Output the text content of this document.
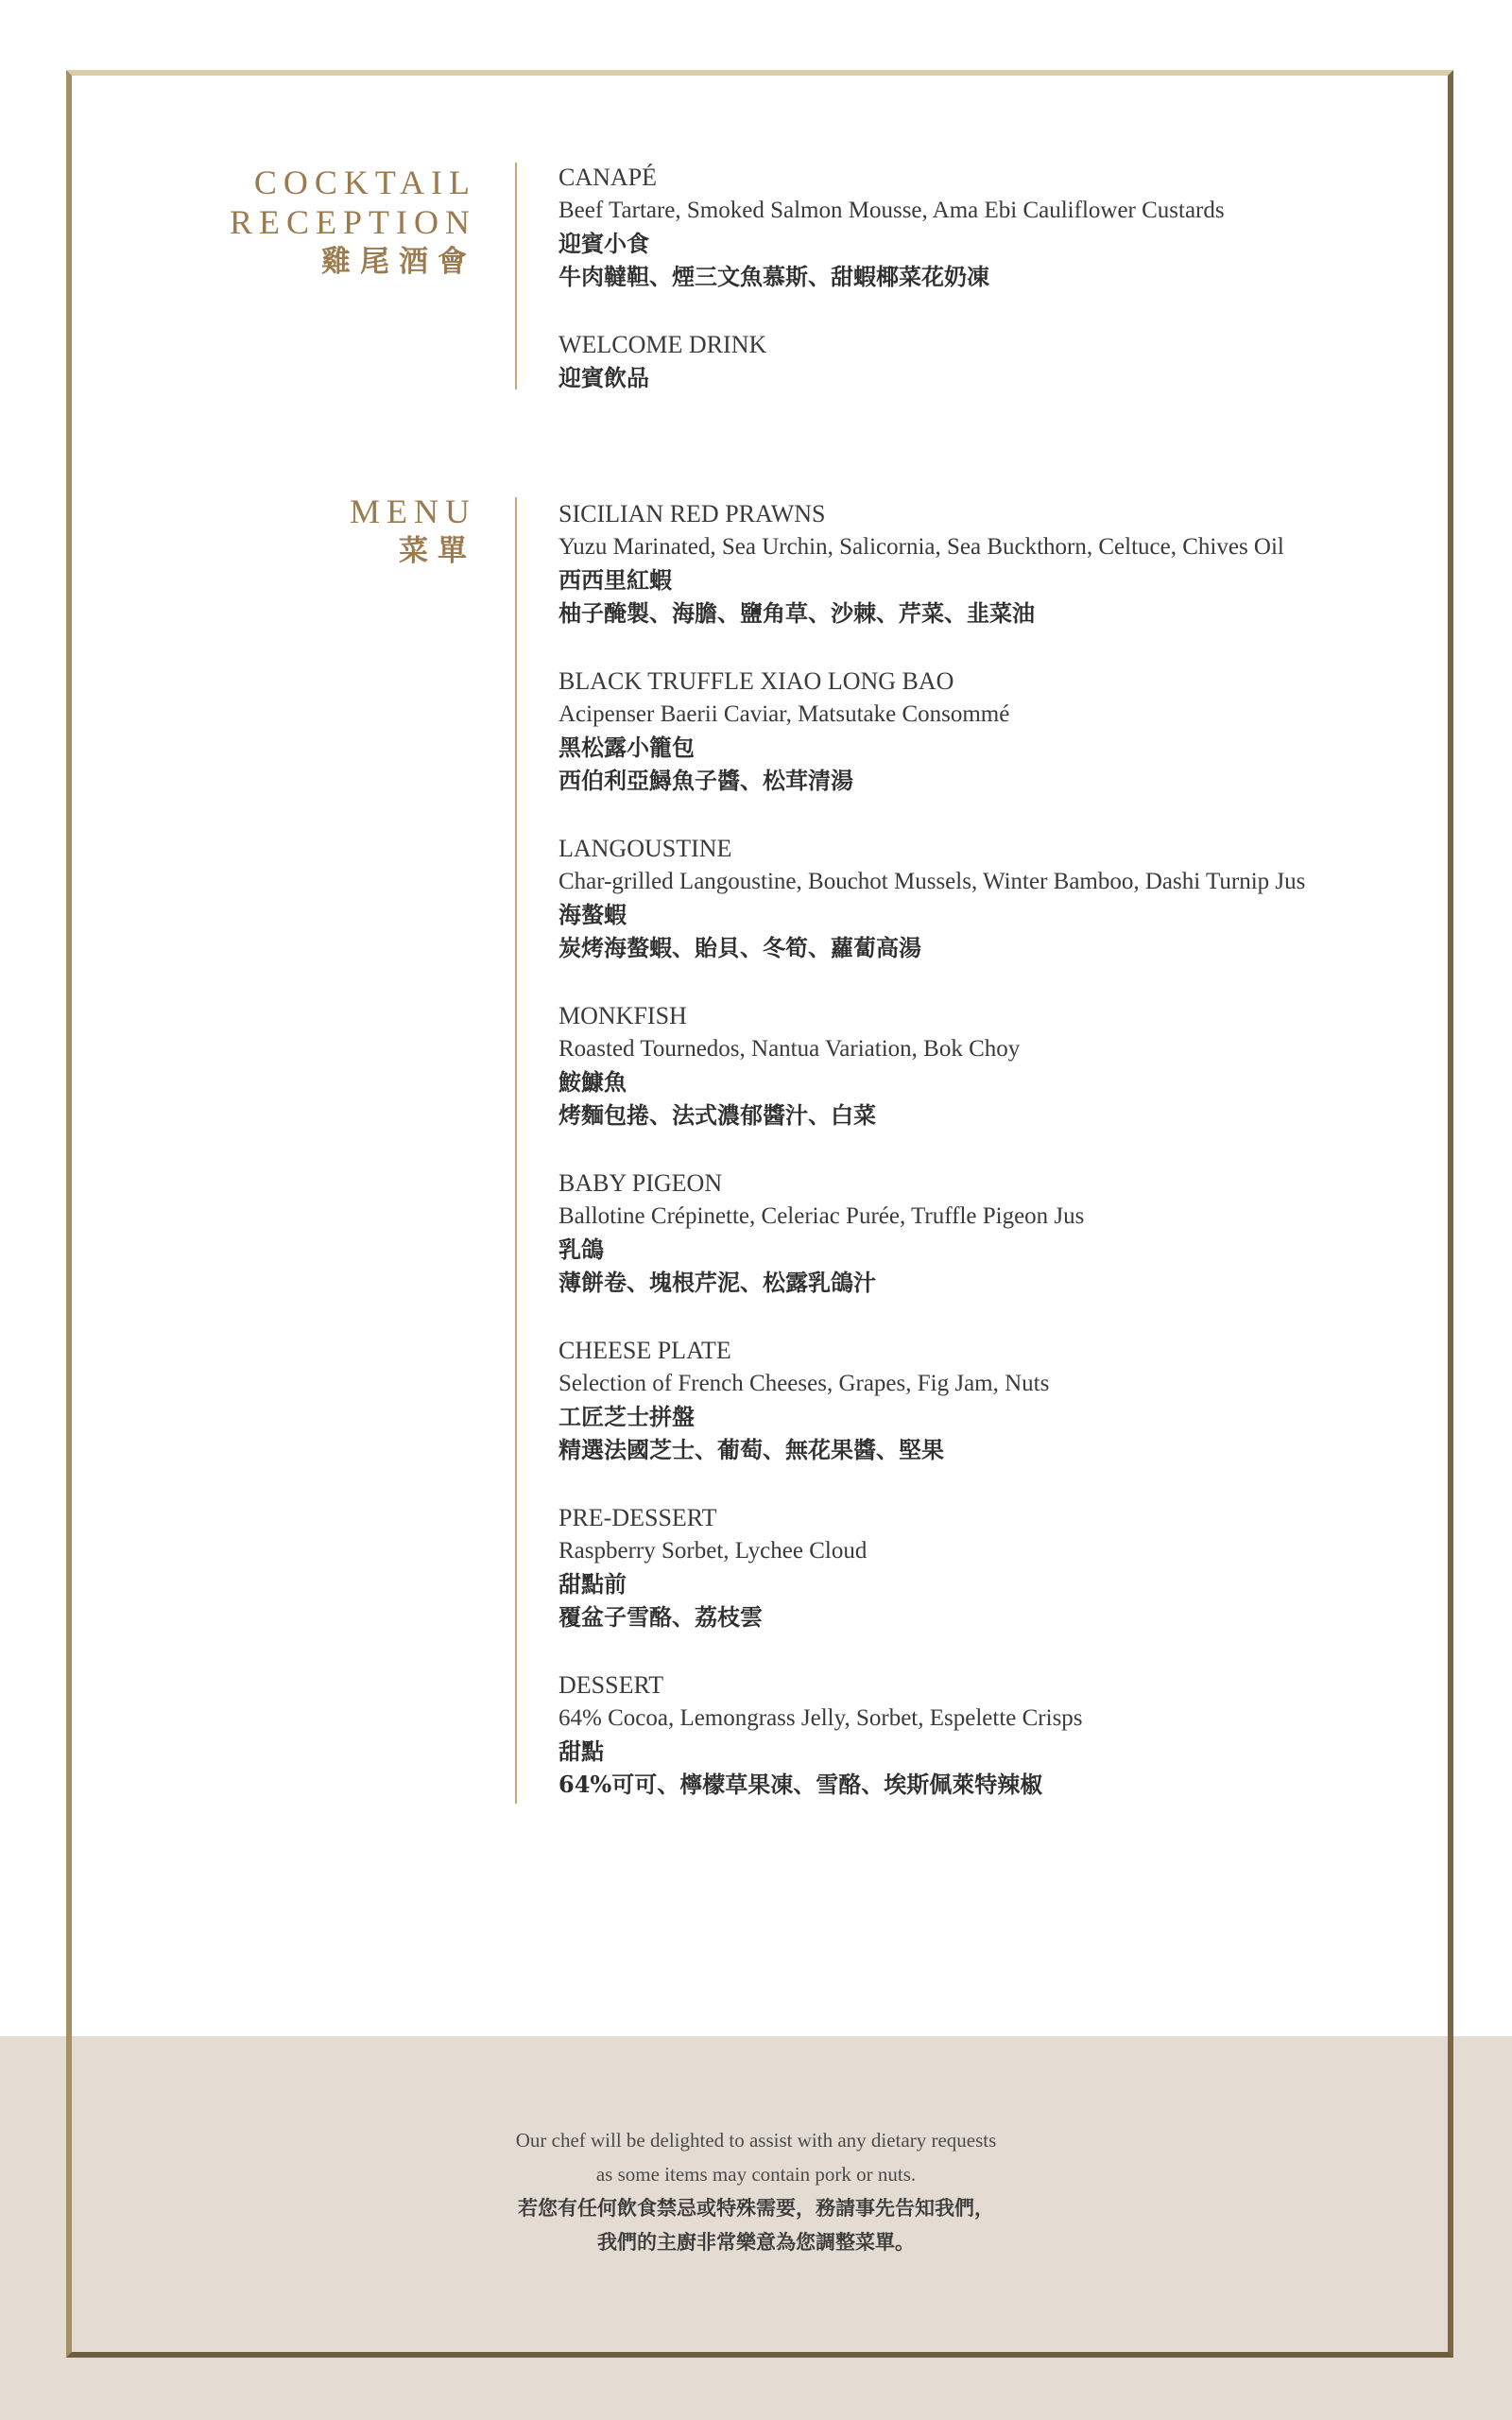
COCKTAIL
RECEPTION
雞尾酒會
CANAPÉ
Beef Tartare, Smoked Salmon Mousse, Ama Ebi Cauliflower Custards
迎賓小食
牛肉韃靼、煙三文魚慕斯、甜蝦椰菜花奶凍
WELCOME DRINK
迎賓飲品
MENU
菜單
SICILIAN RED PRAWNS
Yuzu Marinated, Sea Urchin, Salicornia, Sea Buckthorn, Celtuce, Chives Oil
西西里紅蝦
柚子醃製、海膽、鹽角草、沙棘、芹菜、韭菜油
BLACK TRUFFLE XIAO LONG BAO
Acipenser Baerii Caviar, Matsutake Consommé
黑松露小籠包
西伯利亞鱘魚子醬、松茸清湯
LANGOUSTINE
Char-grilled Langoustine, Bouchot Mussels, Winter Bamboo, Dashi Turnip Jus
海螯蝦
炭烤海螯蝦、貽貝、冬筍、蘿蔔高湯
MONKFISH
Roasted Tournedos, Nantua Variation, Bok Choy
鮟鱇魚
烤麵包捲、法式濃郁醬汁、白菜
BABY PIGEON
Ballotine Crépinette, Celeriac Purée, Truffle Pigeon Jus
乳鴿
薄餅卷、塊根芹泥、松露乳鴿汁
CHEESE PLATE
Selection of French Cheeses, Grapes, Fig Jam, Nuts
工匠芝士拼盤
精選法國芝士、葡萄、無花果醬、堅果
PRE-DESSERT
Raspberry Sorbet, Lychee Cloud
甜點前
覆盆子雪酪、荔枝雲
DESSERT
64% Cocoa, Lemongrass Jelly, Sorbet, Espelette Crisps
甜點
64%可可、檸檬草果凍、雪酪、埃斯佩萊特辣椒
Our chef will be delighted to assist with any dietary requests
as some items may contain pork or nuts.
若您有任何飲食禁忌或特殊需要，務請事先告知我們，
我們的主廚非常樂意為您調整菜單。
